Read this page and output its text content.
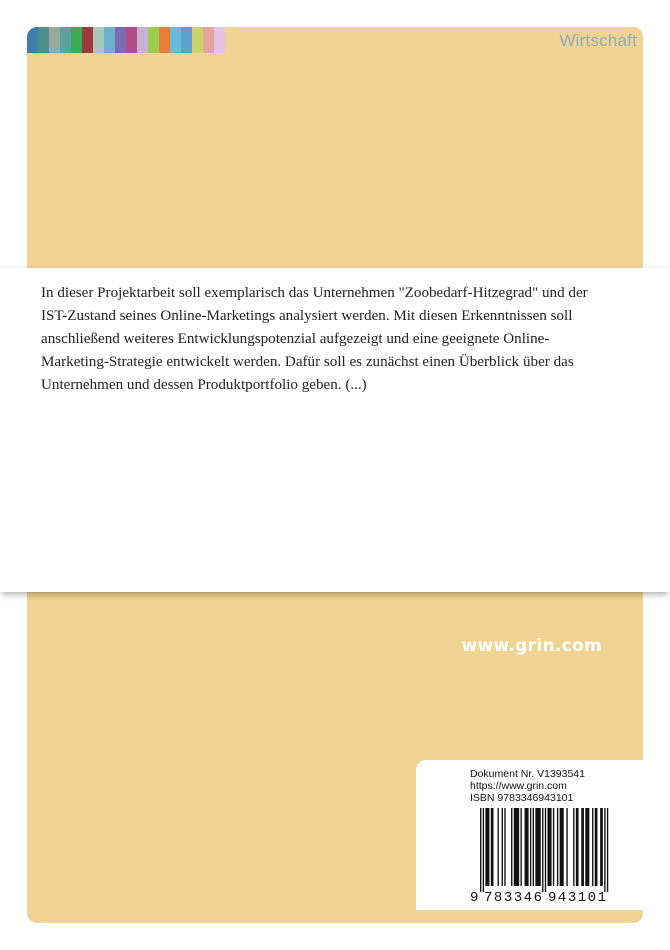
Wirtschaft

www.grin.com

In dieser Projektarbeit soll exemplarisch das Unternehmen "Zoobedarf-Hitzegrad" und der IST-Zustand seines Online-Marketings analysiert werden. Mit diesen Erkenntnissen soll anschließend weiteres Entwicklungspotenzial aufgezeigt und eine geeignete Online-Marketing-Strategie entwickelt werden. Dafür soll es zunächst einen Überblick über das Unternehmen und dessen Produktportfolio geben. (...)

Dokument Nr. V1393541

https://www.grin.com

ISBN 9783346943101

9 783346 943101
